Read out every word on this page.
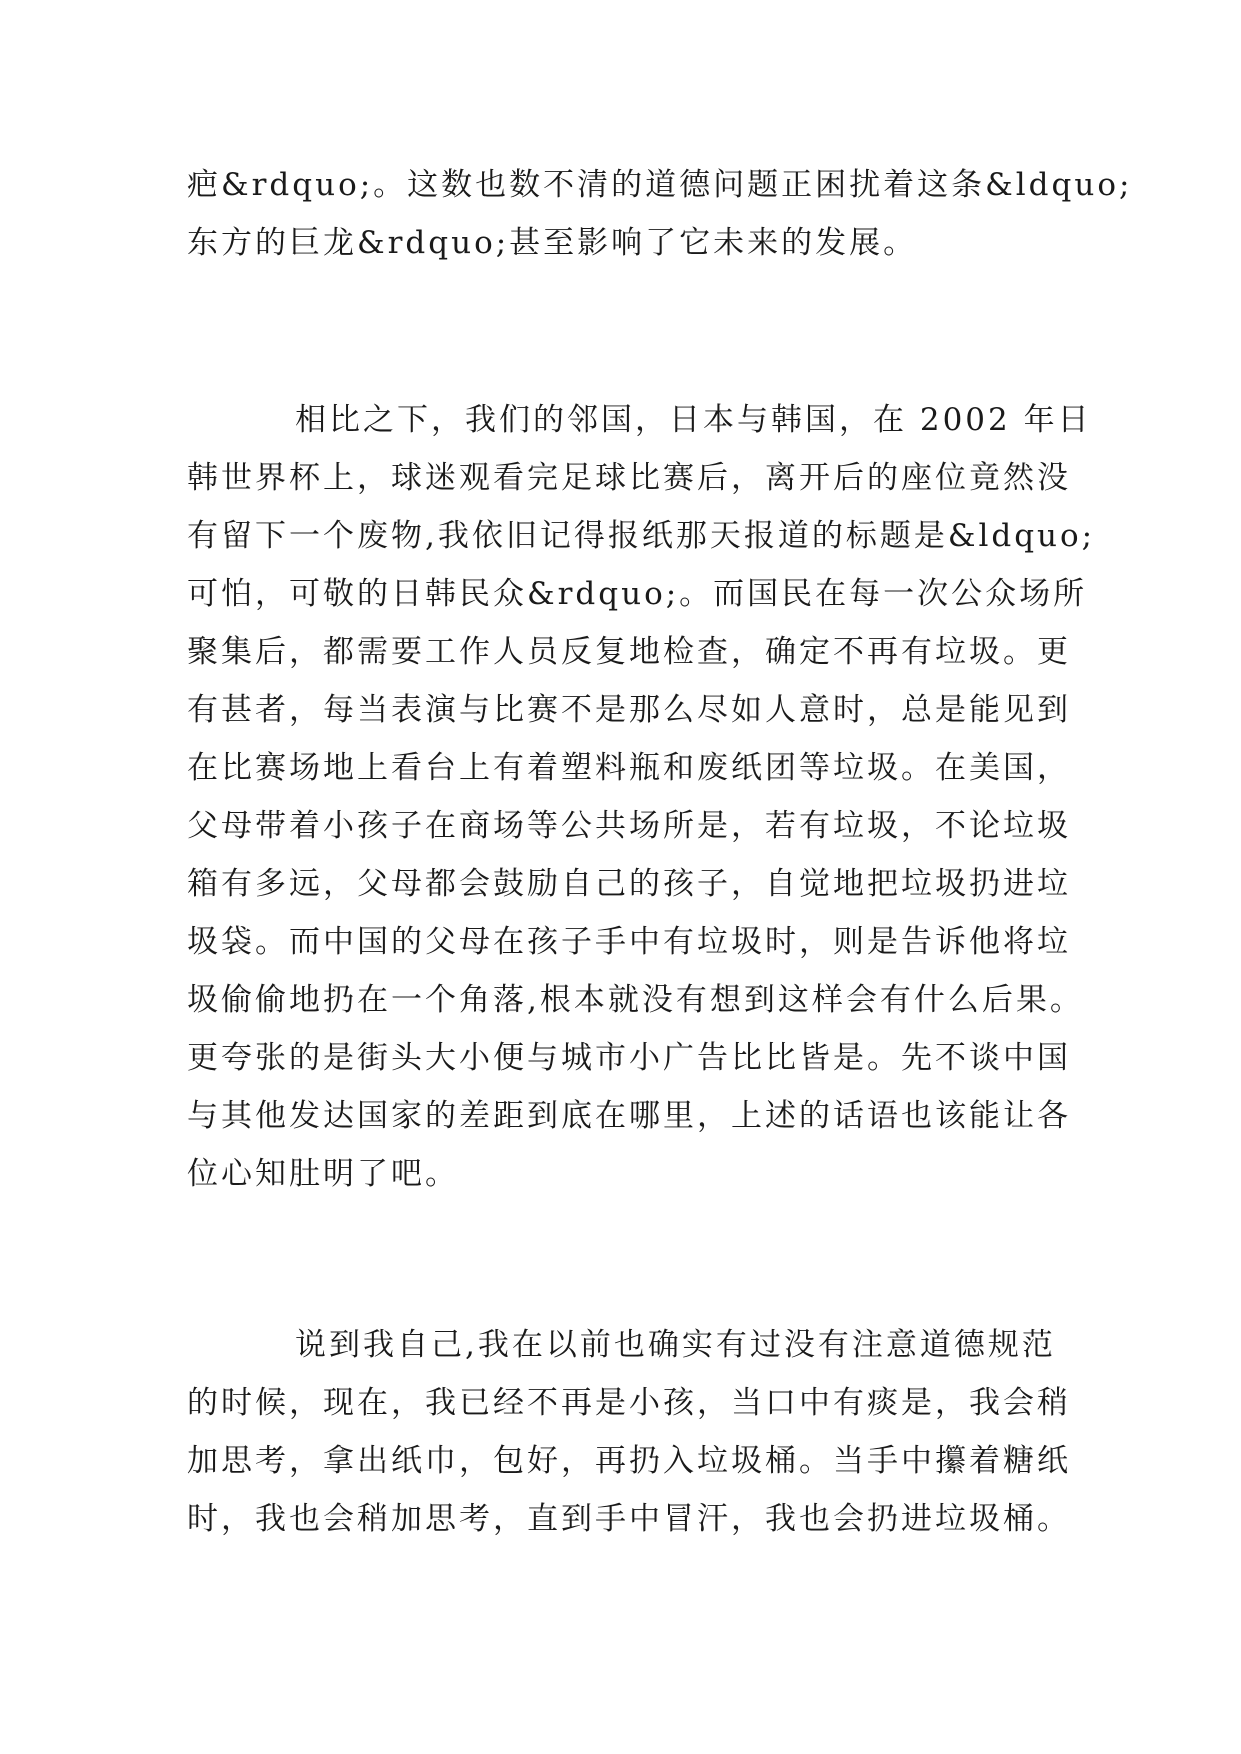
疤&rdquo;。这数也数不清的道德问题正困扰着这条&ldquo;
东方的巨龙&rdquo;甚至影响了它未来的发展。
相比之下，我们的邻国，日本与韩国，在 2002 年日
韩世界杯上，球迷观看完足球比赛后，离开后的座位竟然没
有留下一个废物,我依旧记得报纸那天报道的标题是&ldquo;
可怕，可敬的日韩民众&rdquo;。而国民在每一次公众场所
聚集后，都需要工作人员反复地检查，确定不再有垃圾。更
有甚者，每当表演与比赛不是那么尽如人意时，总是能见到
在比赛场地上看台上有着塑料瓶和废纸团等垃圾。在美国，
父母带着小孩子在商场等公共场所是，若有垃圾，不论垃圾
箱有多远，父母都会鼓励自己的孩子，自觉地把垃圾扔进垃
圾袋。而中国的父母在孩子手中有垃圾时，则是告诉他将垃
圾偷偷地扔在一个角落,根本就没有想到这样会有什么后果。
更夸张的是街头大小便与城市小广告比比皆是。先不谈中国
与其他发达国家的差距到底在哪里，上述的话语也该能让各
位心知肚明了吧。
说到我自己,我在以前也确实有过没有注意道德规范
的时候，现在，我已经不再是小孩，当口中有痰是，我会稍
加思考，拿出纸巾，包好，再扔入垃圾桶。当手中攥着糖纸
时，我也会稍加思考，直到手中冒汗，我也会扔进垃圾桶。
